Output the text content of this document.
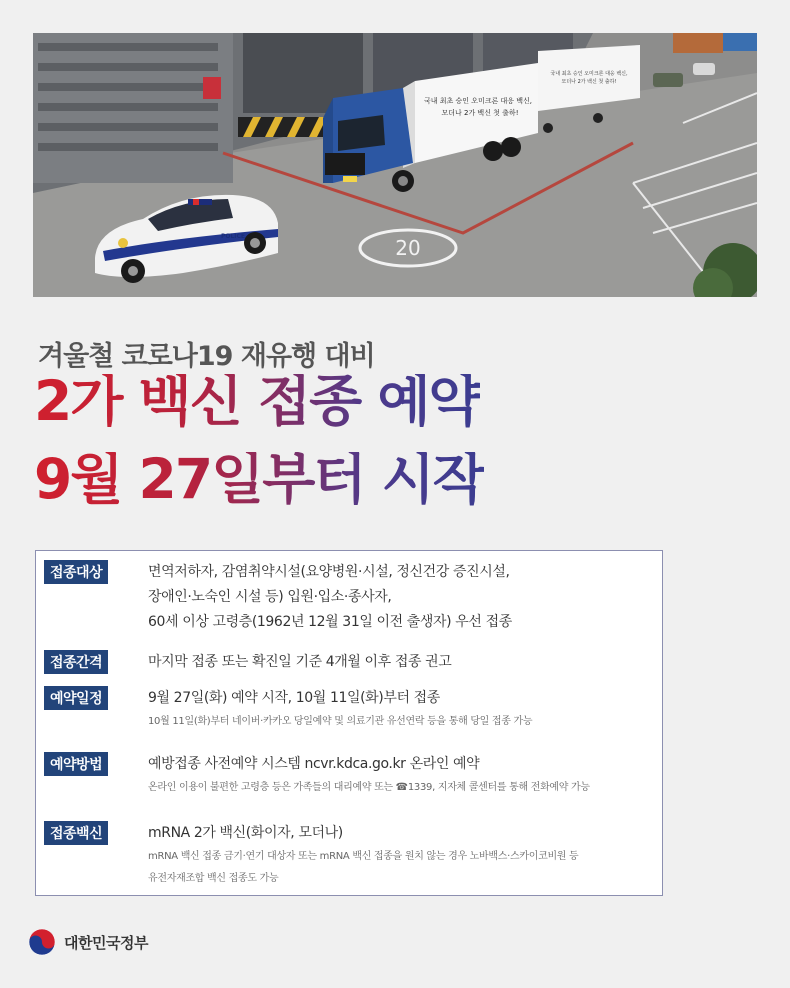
20
국내 최초 승인 오미크론 대응 백신,
모더나 2가 백신 첫 출하!
국내 최초 승인 오미크론 대응 백신,
모더나 2가 백신 첫 출하!
POLICE
겨울철 코로나19 재유행 대비
2가 백신 접종 예약
9월 27일부터 시작
접종대상	면역저하자, 감염취약시설(요양병원·시설, 정신건강 증진시설,

장애인·노숙인 시설 등) 입원·입소·종사자,

60세 이상 고령층(1962년 12월 31일 이전 출생자) 우선 접종

접종간격	마지막 접종 또는 확진일 기준 4개월 이후 접종 권고

예약일정	9월 27일(화) 예약 시작, 10월 11일(화)부터 접종

10월 11일(화)부터 네이버·카카오 당일예약 및 의료기관 유선연락 등을 통해 당일 접종 가능

예약방법	예방접종 사전예약 시스템 ncvr.kdca.go.kr 온라인 예약

온라인 이용이 불편한 고령층 등은 가족들의 대리예약 또는 ☎1339, 지자체 콜센터를 통해 전화예약 가능

접종백신	mRNA 2가 백신(화이자, 모더나)

mRNA 백신 접종 금기·연기 대상자 또는 mRNA 백신 접종을 원치 않는 경우 노바백스·스카이코비원 등

유전자재조합 백신 접종도 가능

대한민국정부
